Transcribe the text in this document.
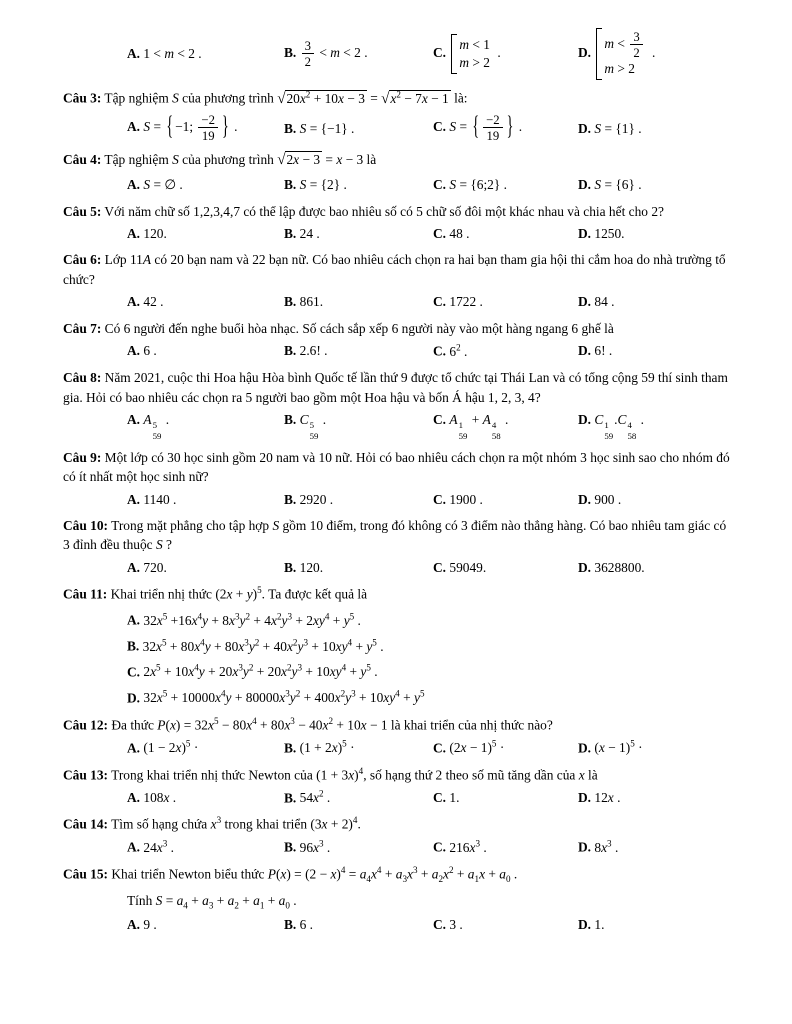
A. 1 < m < 2 .	B. $\frac{3}{2} < m < 2$ .	C.
m < 1
m > 2
.	D.
$m < \frac{3}{2}$
m > 2
.
Câu 3: Tập nghiệm S của phương trình $√20x^2 + 10x - 3 = √x^2 - 7x - 1$ là:
A. S = { −1; $\frac{-2}{19}$ } .	B. S = {−1} .	C. S = { $\frac{-2}{19}$ } .	D. S = {1} .
Câu 4: Tập nghiệm S của phương trình √2x − 3 = x − 3 là
A. S = ∅ .	B. S = {2} .	C. S = {6;2} .	D. S = {6} .
Câu 5: Với năm chữ số 1,2,3,4,7 có thể lập được bao nhiêu số có 5 chữ số đôi một khác nhau và chia hết cho 2?
A. 120.	B. 24 .	C. 48 .	D. 1250.
Câu 6: Lớp 11A có 20 bạn nam và 22 bạn nữ. Có bao nhiêu cách chọn ra hai bạn tham gia hội thi cắm hoa do nhà trường tổ chức?
A. 42 .	B. 861.	C. 1722 .	D. 84 .
Câu 7: Có 6 người đến nghe buổi hòa nhạc. Số cách sắp xếp 6 người này vào một hàng ngang 6 ghế là
A. 6 .	B. 2.6! .	C. $6^2$ .	D. 6! .
Câu 8: Năm 2021, cuộc thi Hoa hậu Hòa bình Quốc tế lần thứ 9 được tổ chức tại Thái Lan và có tổng cộng 59 thí sinh tham gia. Hỏi có bao nhiêu các chọn ra 5 người bao gồm một Hoa hậu và bốn Á hậu 1, 2, 3, 4?
A. A 5
59
.	B. C 5
59
.	C. A 1
59
+ A 4
58
.	D. C 1
59
.C 4
58
.
Câu 9: Một lớp có 30 học sinh gồm 20 nam và 10 nữ. Hỏi có bao nhiêu cách chọn ra một nhóm 3 học sinh sao cho nhóm đó có ít nhất một học sinh nữ?
A. 1140 .	B. 2920 .	C. 1900 .	D. 900 .
Câu 10: Trong mặt phẳng cho tập hợp S gồm 10 điểm, trong đó không có 3 điểm nào thẳng hàng. Có bao nhiêu tam giác có 3 đỉnh đều thuộc S ?
A. 720.	B. 120.	C. 59049.	D. 3628800.
Câu 11: Khai triển nhị thức $(2x + y)^5$. Ta được kết quả là
A. $32x^5 +16x^4y + 8x^3y^2 + 4x^2y^3 + 2xy^4 + y^5$ .
B. $32x^5 + 80x^4y + 80x^3y^2 + 40x^2y^3 + 10xy^4 + y^5$ .
C. $2x^5 + 10x^4y + 20x^3y^2 + 20x^2y^3 + 10xy^4 + y^5$ .
D. $32x^5 + 10000x^4y + 80000x^3y^2 + 400x^2y^3 + 10xy^4 + y^5$
Câu 12: Đa thức $P(x) = 32x^5 - 80x^4 + 80x^3 - 40x^2 + 10x - 1$ là khai triển của nhị thức nào?
A. $(1 - 2x)^5$ ·	B. $(1 + 2x)^5$ ·	C. $(2x - 1)^5$ ·	D. $(x - 1)^5$ ·
Câu 13: Trong khai triển nhị thức Newton của $(1 + 3x)^4$, số hạng thứ 2 theo số mũ tăng dần của x là
A. 108x .	B. $54x^2$ .	C. 1.	D. 12x .
Câu 14: Tìm số hạng chứa $x^3$ trong khai triển $(3x + 2)^4$.
A. $24x^3$ .	B. $96x^3$ .	C. $216x^3$ .	D. $8x^3$ .
Câu 15: Khai triển Newton biểu thức $P(x) = (2 - x)^4 = a_4x^4 + a_3x^3 + a_2x^2 + a_1x + a_0$ .
Tính $S = a_4 + a_3 + a_2 + a_1 + a_0$ .
A. 9 .	B. 6 .	C. 3 .	D. 1.
